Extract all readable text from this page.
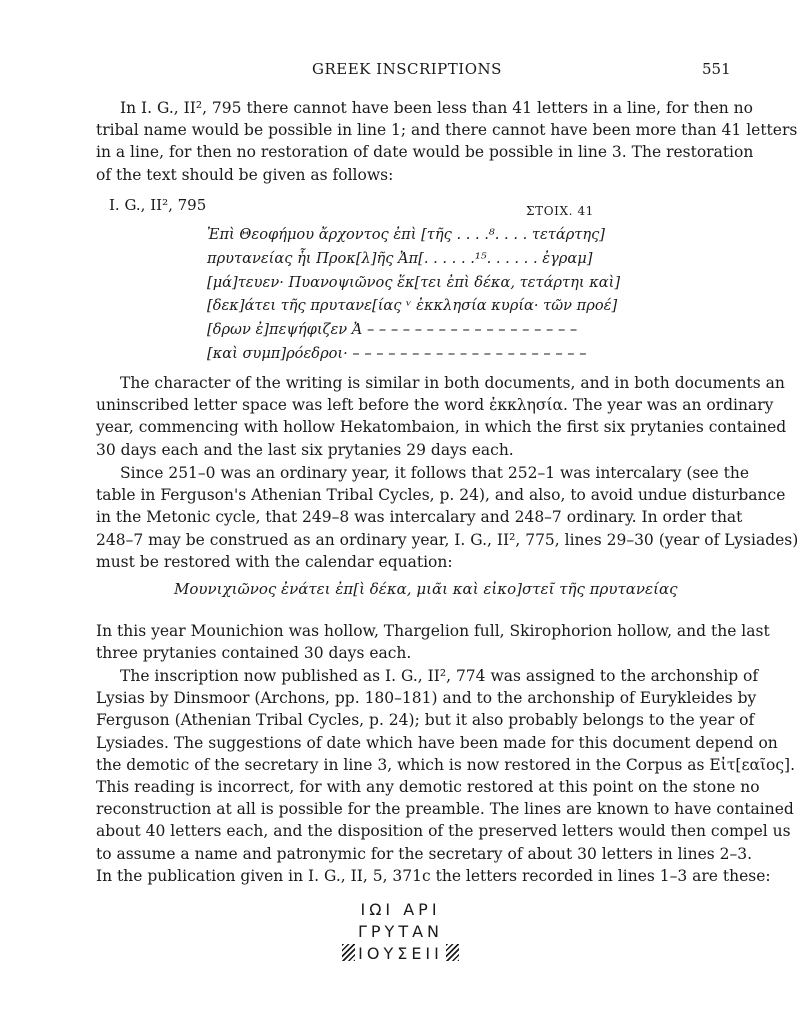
GREEK INSCRIPTIONS	551
In I. G., II², 795 there cannot have been less than 41 letters in a line, for then no
tribal name would be possible in line 1; and there cannot have been more than 41 letters
in a line, for then no restoration of date would be possible in line 3. The restoration
of the text should be given as follows:
I. G., II², 795	ΣΤΟΙΧ. 41
Ἐπὶ Θεοφήμου ἄρχοντος ἐπὶ [τῆς . . . .⁸. . . . τετάρτης]
πρυτανείας ἧ̣ι Προκ[λ]ῆς Ἀπ[. . . . . .¹⁵. . . . . . ἐγραμ]
[μά]τευεν· Πυανοψιῶνος ἕκ[τει ἐπὶ δέκα, τετάρτηι καὶ]
[δεκ]άτει τῆς πρυτανε[ίας ᵛ ἐκκλησία κυρία· τῶν προέ]
[δρων ἐ]πεψήφιζεν Ἀ – – – – – – – – – – – – – – – – – –
[καὶ συμπ]ρόεδροι· – – – – – – – – – – – – – – – – – – – –
The character of the writing is similar in both documents, and in both documents an
uninscribed letter space was left before the word ἐκκλησία. The year was an ordinary
year, commencing with hollow Hekatombaion, in which the first six prytanies contained
30 days each and the last six prytanies 29 days each.
Since 251–0 was an ordinary year, it follows that 252–1 was intercalary (see the
table in Ferguson's Athenian Tribal Cycles, p. 24), and also, to avoid undue disturbance
in the Metonic cycle, that 249–8 was intercalary and 248–7 ordinary. In order that
248–7 may be construed as an ordinary year, I. G., II², 775, lines 29–30 (year of Lysiades)
must be restored with the calendar equation:
Μουνιχιῶνος ἐνάτει ἐπ[ὶ δέκα, μιᾶι καὶ εἰκο]στεῖ τῆς πρυτανείας
In this year Mounichion was hollow, Thargelion full, Skirophorion hollow, and the last
three prytanies contained 30 days each.
The inscription now published as I. G., II², 774 was assigned to the archonship of
Lysias by Dinsmoor (Archons, pp. 180–181) and to the archonship of Eurykleides by
Ferguson (Athenian Tribal Cycles, p. 24); but it also probably belongs to the year of
Lysiades. The suggestions of date which have been made for this document depend on
the demotic of the secretary in line 3, which is now restored in the Corpus as Εἰτ[εαῖος].
This reading is incorrect, for with any demotic restored at this point on the stone no
reconstruction at all is possible for the preamble. The lines are known to have contained
about 40 letters each, and the disposition of the preserved letters would then compel us
to assume a name and patronymic for the secretary of about 30 letters in lines 2–3.
In the publication given in I. G., II, 5, 371c the letters recorded in lines 1–3 are these:
ΙΩΙ ΑΡΙ
ΓΡΥΤΑΝ
ΙΟΥΣΕΙΙ
